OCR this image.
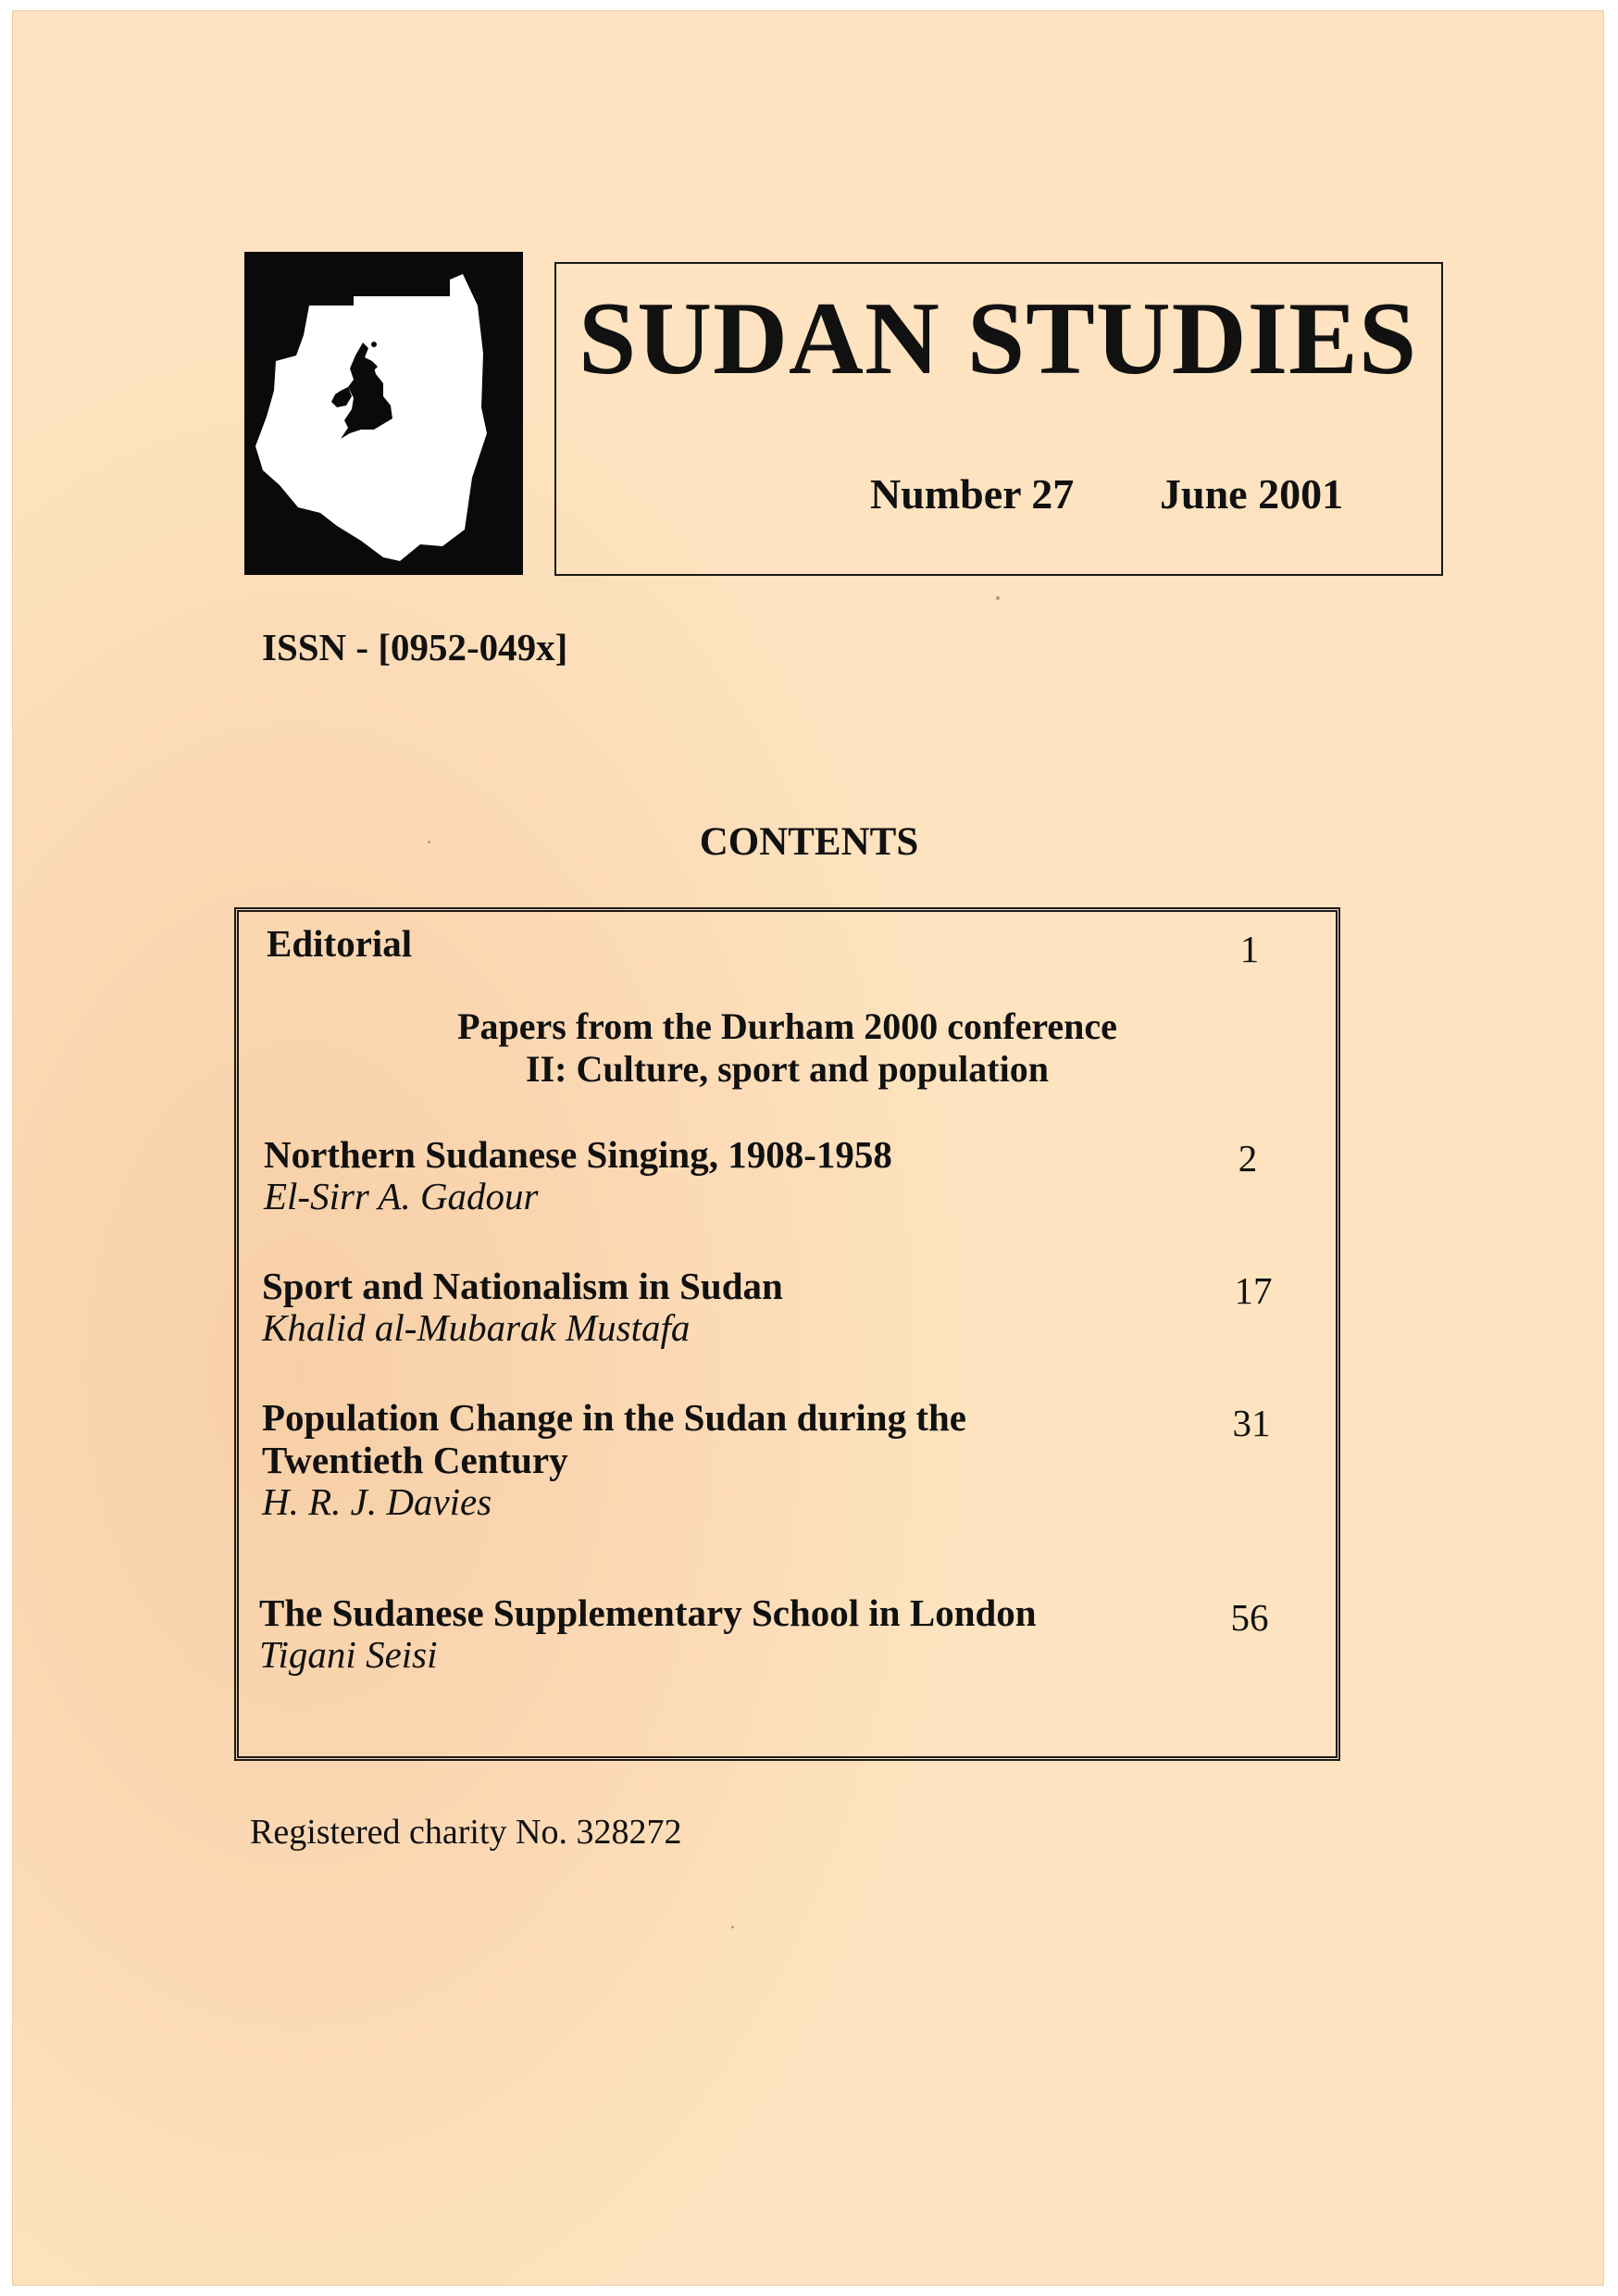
SUDAN STUDIES
Number 27 June 2001
ISSN - [0952-049x]
CONTENTS
Editorial	1
Papers from the Durham 2000 conference
II: Culture, sport and population
Northern Sudanese Singing, 1908-1958
El-Sirr A. Gadour
2
Sport and Nationalism in Sudan
Khalid al-Mubarak Mustafa
17
Population Change in the Sudan during the
Twentieth Century
H. R. J. Davies
31
The Sudanese Supplementary School in London
Tigani Seisi
56
Registered charity No. 328272
